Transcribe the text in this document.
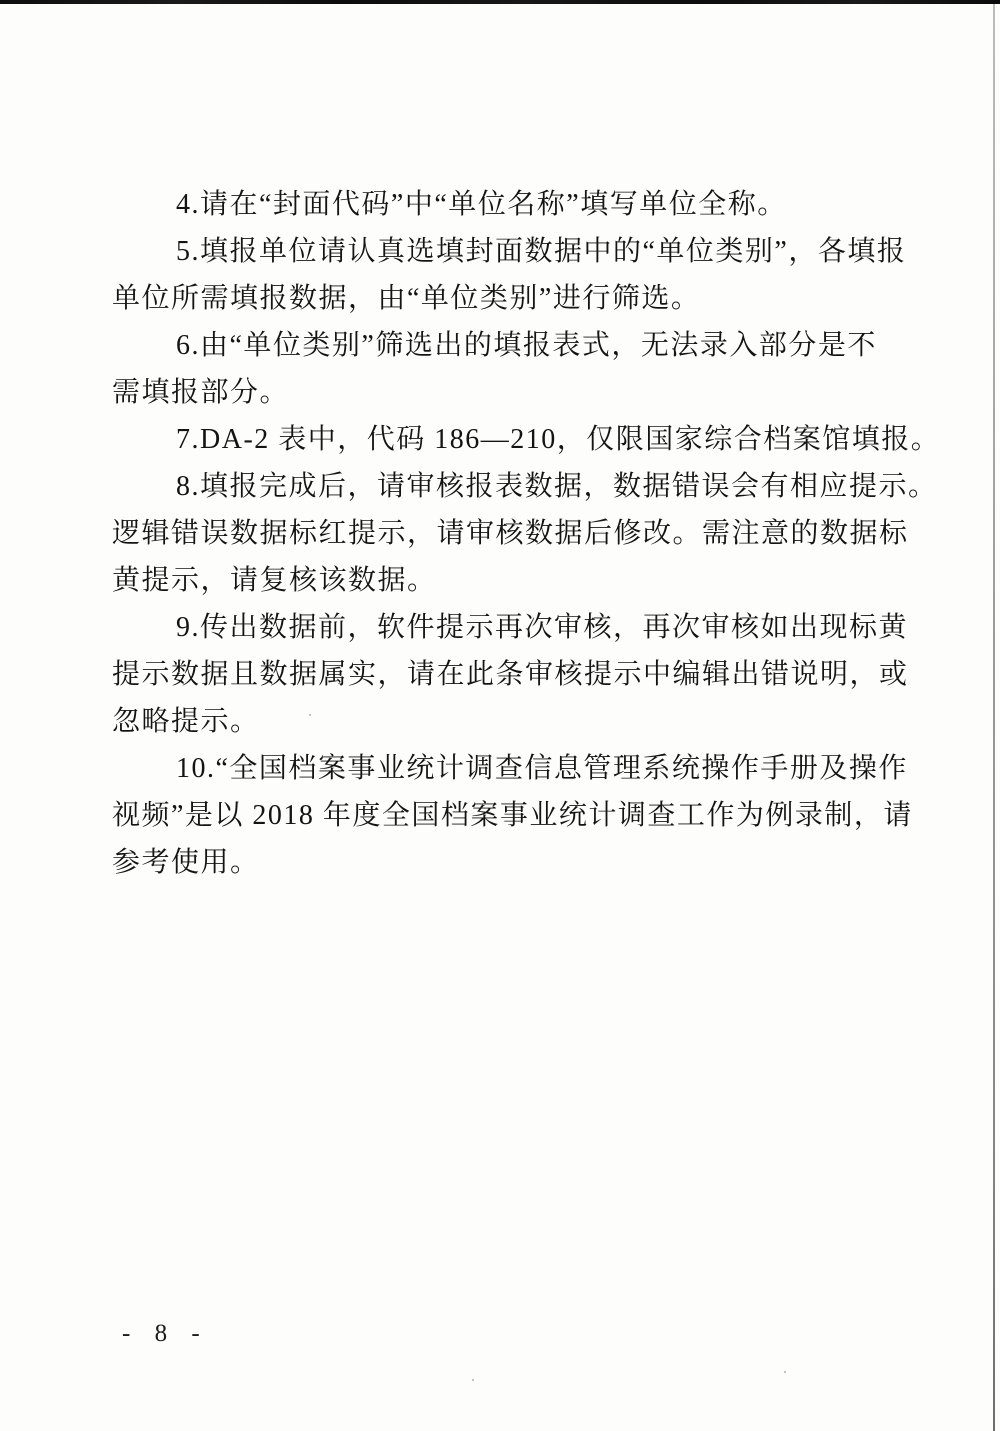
4.请在“封面代码”中“单位名称”填写单位全称。
5.填报单位请认真选填封面数据中的“单位类别”，各填报
单位所需填报数据，由“单位类别”进行筛选。
6.由“单位类别”筛选出的填报表式，无法录入部分是不
需填报部分。
7.DA-2 表中，代码 186—210，仅限国家综合档案馆填报。
8.填报完成后，请审核报表数据，数据错误会有相应提示。
逻辑错误数据标红提示，请审核数据后修改。需注意的数据标
黄提示，请复核该数据。
9.传出数据前，软件提示再次审核，再次审核如出现标黄
提示数据且数据属实，请在此条审核提示中编辑出错说明，或
忽略提示。
10.“全国档案事业统计调查信息管理系统操作手册及操作
视频”是以 2018 年度全国档案事业统计调查工作为例录制，请
参考使用。
- 8 -
